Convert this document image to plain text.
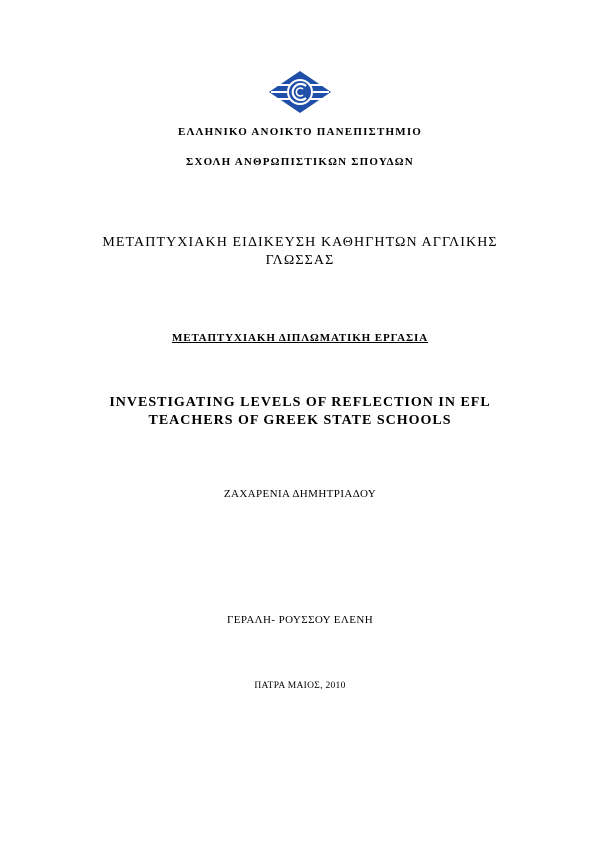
ΕΛΛΗΝΙΚΟ ΑΝΟΙΚΤΟ ΠΑΝΕΠΙΣΤΗΜΙΟ
ΣΧΟΛΗ ΑΝΘΡΩΠΙΣΤΙΚΩΝ ΣΠΟΥΔΩΝ
ΜΕΤΑΠΤΥΧΙΑΚΗ ΕΙΔΙΚΕΥΣΗ ΚΑΘΗΓΗΤΩΝ ΑΓΓΛΙΚΗΣ
ΓΛΩΣΣΑΣ
ΜΕΤΑΠΤΥΧΙΑΚΗ ΔΙΠΛΩΜΑΤΙΚΗ ΕΡΓΑΣΙΑ
INVESTIGATING LEVELS OF REFLECTION IN EFL
TEACHERS OF GREEK STATE SCHOOLS
ΖΑΧΑΡΕΝΙΑ ΔΗΜΗΤΡΙΑΔΟΥ
ΓΕΡΑΛΗ- ΡΟΥΣΣΟΥ ΕΛΕΝΗ
ΠΑΤΡΑ ΜΑΙΟΣ, 2010
